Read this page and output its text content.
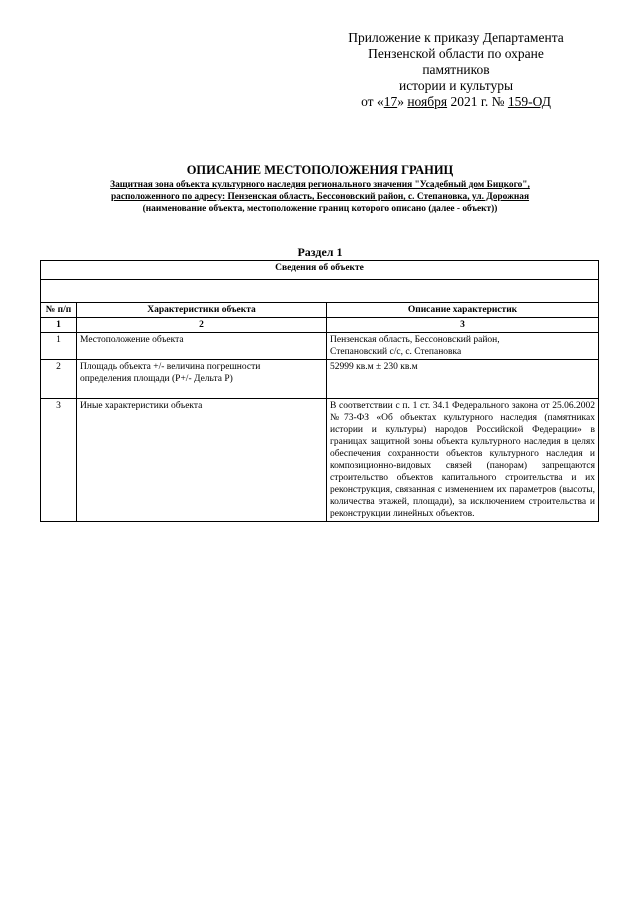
Приложение к приказу Департамента
Пензенской области по охране
памятников
истории и культуры
от «17» ноября 2021 г. № 159-ОД
ОПИСАНИЕ МЕСТОПОЛОЖЕНИЯ ГРАНИЦ
Защитная зона объекта культурного наследия регионального значения "Усадебный дом Бицкого",
расположенного по адресу: Пензенская область, Бессоновский район, с. Степановка, ул. Дорожная
(наименование объекта, местоположение границ которого описано (далее - объект))
Раздел 1
Сведения об объекте		

№ п/п	Характеристики объекта	Описание характеристик
1	2	3
1	Местоположение объекта	Пензенская область, Бессоновский район, Степановский с/с, с. Степановка
2	Площадь объекта +/- величина погрешности определения площади (Р+/- Дельта Р)	52999 кв.м ± 230 кв.м
3	Иные характеристики объекта	В соответствии с п. 1 ст. 34.1 Федерального закона от 25.06.2002 №73-ФЗ «Об объектах культурного наследия (памятниках истории и культуры) народов Российской Федерации» в границах защитной зоны объекта культурного наследия в целях обеспечения сохранности объектов культурного наследия и композиционно-видовых связей (панорам) запрещаются строительство объектов капитального строительства и их реконструкция, связанная с изменением их параметров (высоты, количества этажей, площади), за исключением строительства и реконструкции линейных объектов.
